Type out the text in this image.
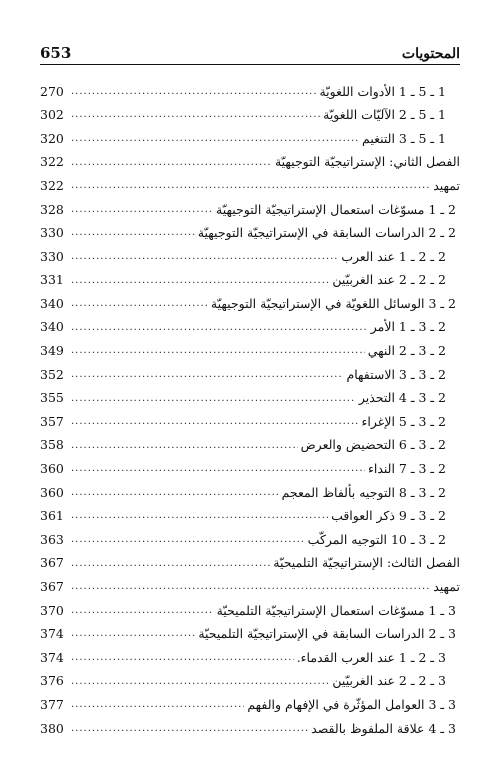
653	المحتويات
1 ـ 5 ـ 1 الأدوات اللغويّة
.....
270
1 ـ 5 ـ 2 الآليّات اللغويّة
.....
302
1 ـ 5 ـ 3 التنغيم
.....
320
الفصل الثاني: الإستراتيجيّة التوجيهيّة
.....
322
تمهيد
.....
322
2 ـ 1 مسوّغات استعمال الإستراتيجيّة التوجيهيّة
.....
328
2 ـ 2 الدراسات السابقة في الإستراتيجيّة التوجيهيّة
.....
330
2 ـ 2 ـ 1 عند العرب
.....
330
2 ـ 2 ـ 2 عند الغربيّين
.....
331
2 ـ 3 الوسائل اللغويّة في الإستراتيجيّة التوجيهيّة
.....
340
2 ـ 3 ـ 1 الأمر
.....
340
2 ـ 3 ـ 2 النهي
.....
349
2 ـ 3 ـ 3 الاستفهام
.....
352
2 ـ 3 ـ 4 التحذير
.....
355
2 ـ 3 ـ 5 الإغراء
.....
357
2 ـ 3 ـ 6 التحضيض والعرض
.....
358
2 ـ 3 ـ 7 النداء
.....
360
2 ـ 3 ـ 8 التوجيه بألفاظ المعجم
.....
360
2 ـ 3 ـ 9 ذكر العواقب
.....
361
2 ـ 3 ـ 10 التوجيه المركّب
.....
363
الفصل الثالث: الإستراتيجيّة التلميحيّة
.....
367
تمهيد
.....
367
3 ـ 1 مسوّغات استعمال الإستراتيجيّة التلميحيّة
.....
370
3 ـ 2 الدراسات السابقة في الإستراتيجيّة التلميحيّة
.....
374
3 ـ 2 ـ 1 عند العرب القدماء.
.....
374
3 ـ 2 ـ 2 عند الغربيّين
.....
376
3 ـ 3 العوامل المؤثّرة في الإفهام والفهم
.....
377
3 ـ 4 علاقة الملفوظ بالقصد
.....
380
